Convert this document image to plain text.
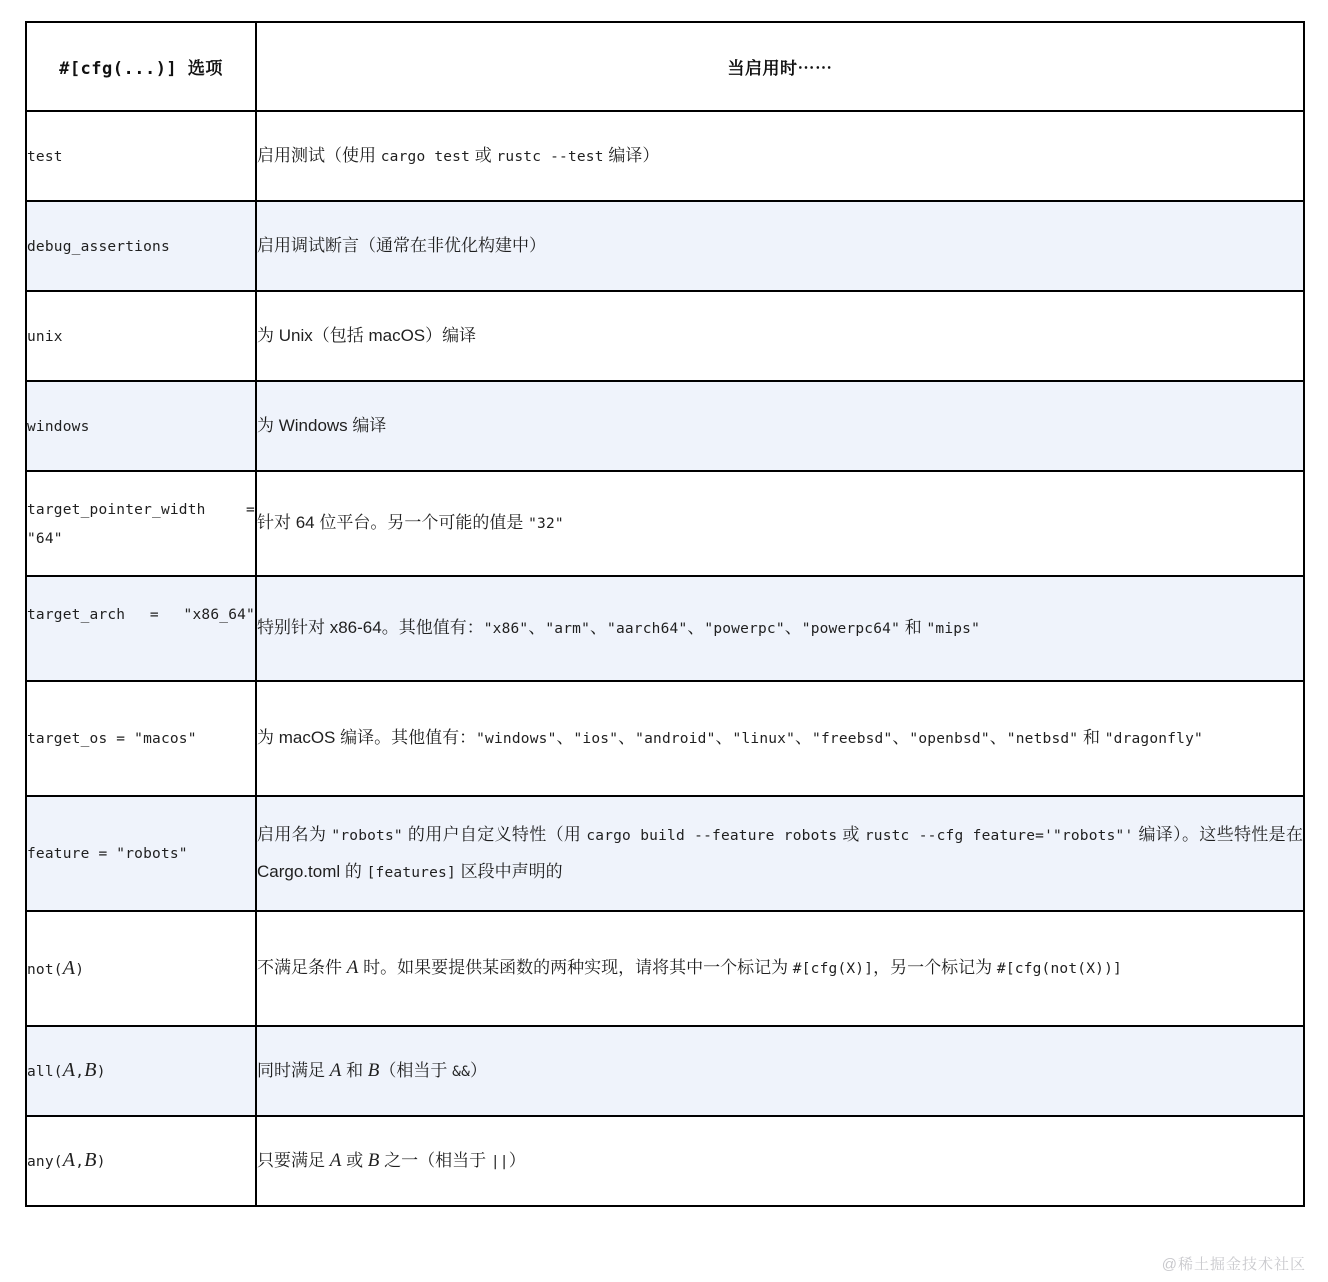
#[cfg(...)] 选项	当启用时⋯⋯

test	启用测试（使用 cargo test 或 rustc --test 编译）

debug_assertions	启用调试断言（通常在非优化构建中）

unix	为 Unix（包括 macOS）编译

windows	为 Windows 编译

target_pointer_width = "64"	针对 64 位平台。另一个可能的值是 "32"

target_arch = "x86_64"	特别针对 x86-64。其他值有："x86"、"arm"、"aarch64"、"powerpc"、"powerpc64" 和 "mips"

target_os = "macos"	为 macOS 编译。其他值有："windows"、"ios"、"android"、"linux"、"freebsd"、"openbsd"、"netbsd" 和 "dragonfly"

feature = "robots"	启用名为 "robots" 的用户自定义特性（用 cargo build --feature robots 或 rustc --cfg feature='"robots"' 编译）。这些特性是在 Cargo.toml 的 [features] 区段中声明的

not(A)	不满足条件 A 时。如果要提供某函数的两种实现，请将其中一个标记为 #[cfg(X)]，另一个标记为 #[cfg(not(X))]

all(A,B)	同时满足 A 和 B（相当于 &&）

any(A,B)	只要满足 A 或 B 之一（相当于 ||）
@稀土掘金技术社区
